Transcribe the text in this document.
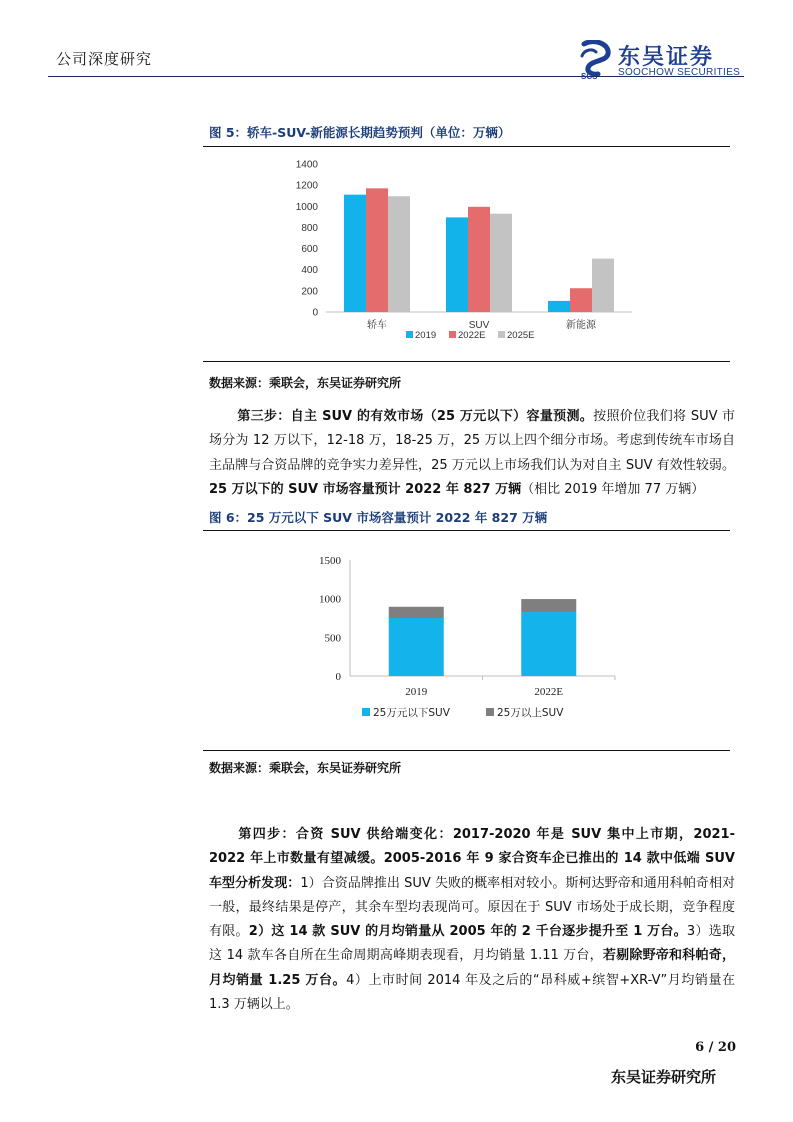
公司深度研究
SCS
东吴证券
SOOCHOW SECURITIES
图 5：轿车-SUV-新能源长期趋势预判（单位：万辆）
0
200
400
600
800
1000
1200
1400
轿车	SUV	新能源
2019 2022E 2025E
数据来源：乘联会，东吴证券研究所
第三步：自主 SUV 的有效市场（25 万元以下）容量预测。按照价位我们将 SUV 市场分为 12 万以下，12-18 万，18-25 万，25 万以上四个细分市场。考虑到传统车市场自主品牌与合资品牌的竞争实力差异性，25 万元以上市场我们认为对自主 SUV 有效性较弱。25 万以下的 SUV 市场容量预计 2022 年 827 万辆（相比 2019 年增加 77 万辆）
图 6：25 万元以下 SUV 市场容量预计 2022 年 827 万辆
0
500
1000
1500
2019	2022E
25万元以下SUV	25万以上SUV
数据来源：乘联会，东吴证券研究所
第四步：合资 SUV 供给端变化：2017-2020 年是 SUV 集中上市期，2021-2022 年上市数量有望减缓。2005-2016 年 9 家合资车企已推出的 14 款中低端 SUV 车型分析发现：1）合资品牌推出 SUV 失败的概率相对较小。斯柯达野帝和通用科帕奇相对一般，最终结果是停产，其余车型均表现尚可。原因在于 SUV 市场处于成长期，竞争程度有限。2）这 14 款 SUV 的月均销量从 2005 年的 2 千台逐步提升至 1 万台。3）选取这 14 款车各自所在生命周期高峰期表现看，月均销量 1.11 万台，若剔除野帝和科帕奇，月均销量 1.25 万台。4）上市时间 2014 年及之后的“昂科威+缤智+XR-V”月均销量在 1.3 万辆以上。
6 / 20
东吴证券研究所
